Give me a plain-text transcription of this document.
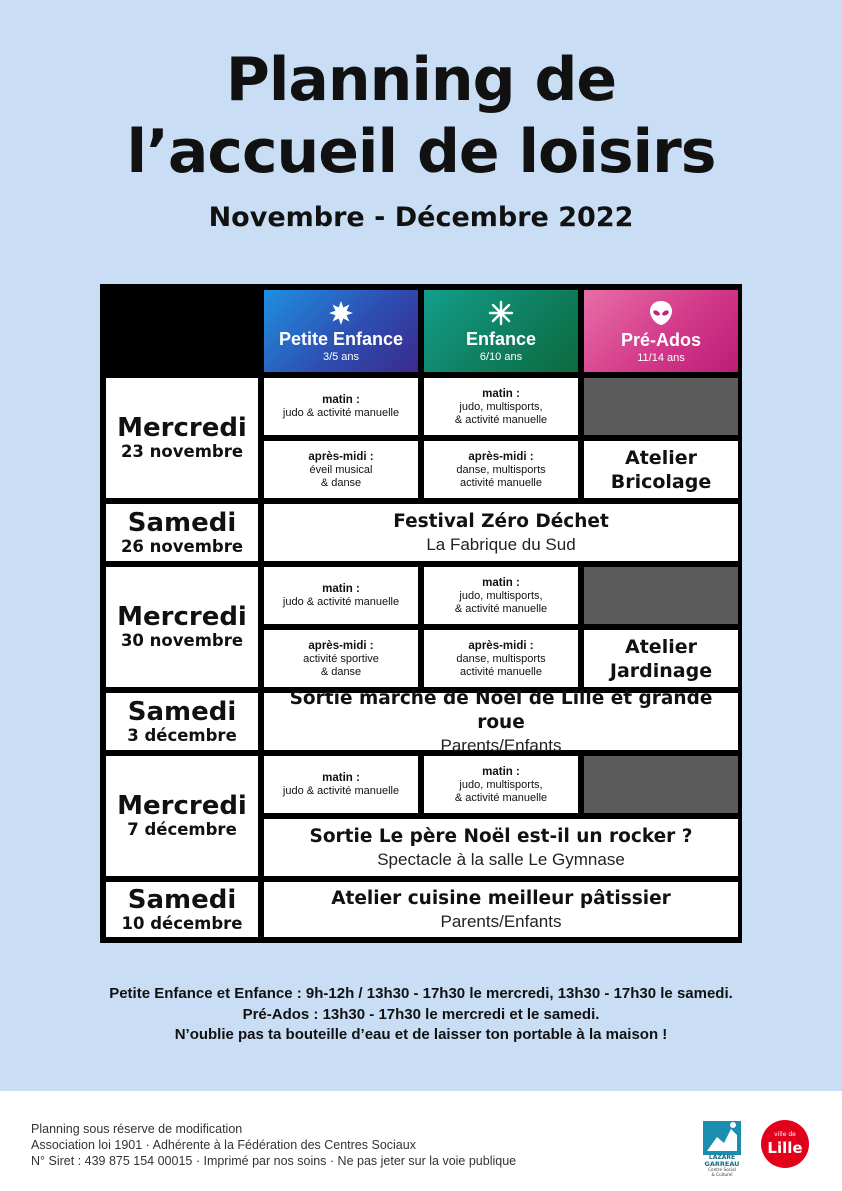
Planning de
l’accueil de loisirs
Novembre - Décembre 2022
Petite Enfance
3/5 ans
Enfance
6/10 ans
Pré-Ados
11/14 ans
Mercredi
23 novembre
matin :
judo & activité manuelle
matin :
judo, multisports,
& activité manuelle
après-midi :
éveil musical
& danse
après-midi :
danse, multisports
activité manuelle
Atelier
Bricolage
Samedi
26 novembre
Festival Zéro Déchet
La Fabrique du Sud
Mercredi
30 novembre
matin :
judo & activité manuelle
matin :
judo, multisports,
& activité manuelle
après-midi :
activité sportive
& danse
après-midi :
danse, multisports
activité manuelle
Atelier
Jardinage
Samedi
3 décembre
Sortie marché de Noël de Lille et grande roue
Parents/Enfants
Mercredi
7 décembre
matin :
judo & activité manuelle
matin :
judo, multisports,
& activité manuelle
Sortie Le père Noël est-il un rocker ?
Spectacle à la salle Le Gymnase
Samedi
10 décembre
Atelier cuisine meilleur pâtissier
Parents/Enfants
Petite Enfance et Enfance : 9h-12h / 13h30 - 17h30 le mercredi, 13h30 - 17h30 le samedi.
Pré-Ados : 13h30 - 17h30 le mercredi et le samedi.
N’oublie pas ta bouteille d’eau et de laisser ton portable à la maison !
Planning sous réserve de modification
Association loi 1901 · Adhérente à la Fédération des Centres Sociaux
N° Siret : 439 875 154 00015 · Imprimé par nos soins · Ne pas jeter sur la voie publique	LAZARE
GARREAU
Centre Social
& Culturel
ville de
Lille
